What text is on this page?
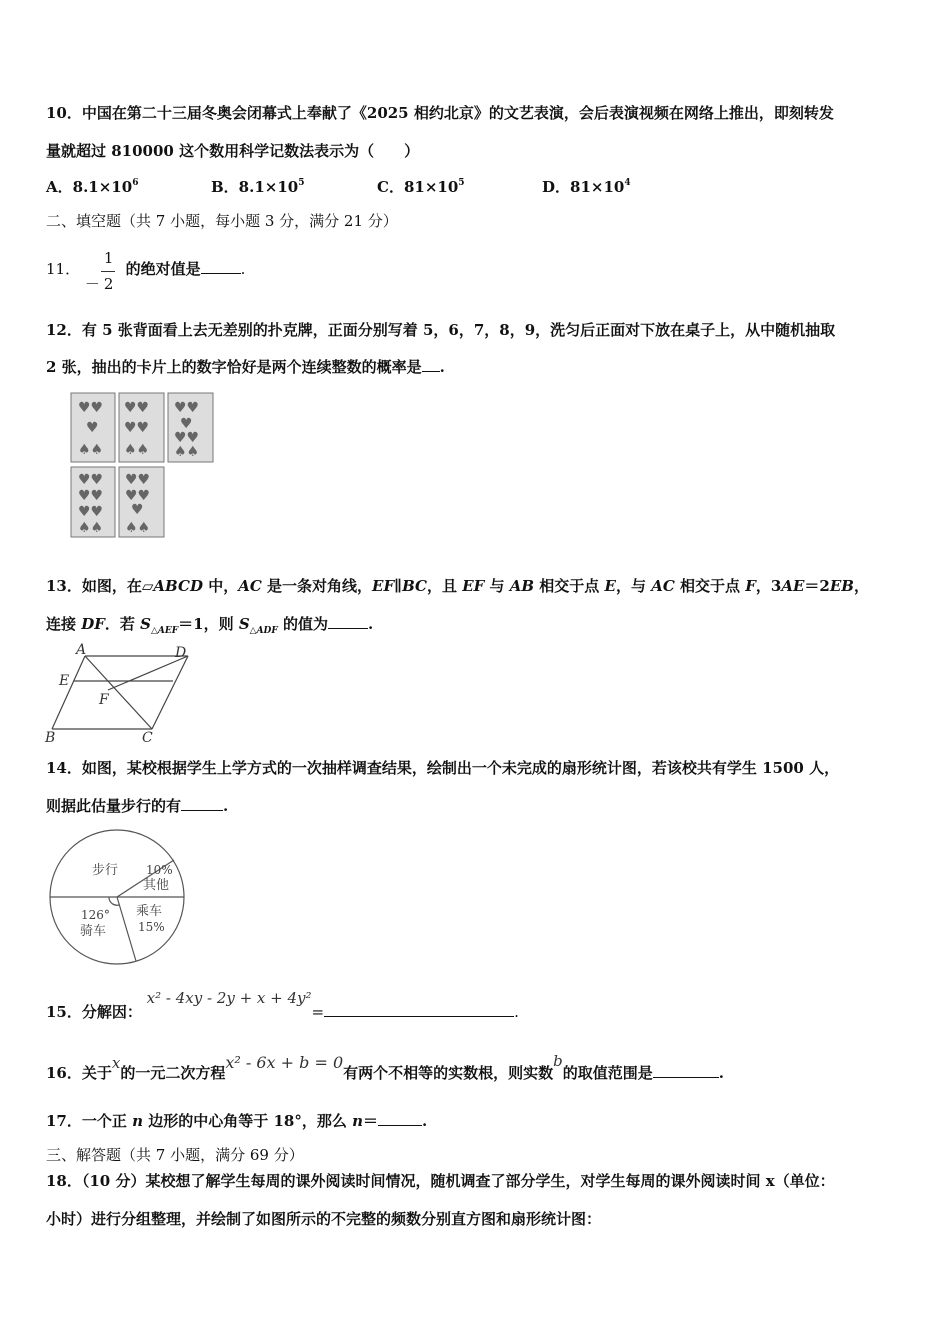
10．中国在第二十三届冬奥会闭幕式上奉献了《2025 相约北京》的文艺表演，会后表演视频在网络上推出，即刻转发
量就超过 810000 这个数用科学记数法表示为（　　）
A．$8.1\times 10^6$	B．$8.1\times 10^5$	C．$81\times 10^5$	D．$81\times 10^4$
二、填空题（共 7 小题，每小题 3 分，满分 21 分）
11．
－
1
2
的绝对值是	.
12．有 5 张背面看上去无差别的扑克牌，正面分别写着 5，6，7，8，9，洗匀后正面对下放在桌子上，从中随机抽取
2 张，抽出的卡片上的数字恰好是两个连续整数的概率是 .
♥♥
♥
♠♠
♥♥
♥♥
♠♠
♥♥
♥
♥♥
♠♠
♥♥
♥♥
♥♥
♠♠
♥♥
♥♥
♥
♠♠
13．如图，在▱ABCD 中，AC 是一条对角线，EF∥BC，且 EF 与 AB 相交于点 E，与 AC 相交于点 F，3AE＝2EB，
连接 DF．若 $S_{\triangle AEF}=1$，则 $S_{\triangle ADF}$ 的值为	.
A	D
E
F
B	C
14．如图，某校根据学生上学方式的一次抽样调查结果，绘制出一个未完成的扇形统计图，若该校共有学生 1500 人，
则据此估量步行的有	.
步行 10%
其他
126°
骑车
乘车
15%
15．分解因： x² - 4xy - 2y + x + 4y²=	.
16．关于x的一元二次方程x² - 6x + b = 0有两个不相等的实数根，则实数b的取值范围是	.
17．一个正 n 边形的中心角等于 18°，那么 n＝	.
三、解答题（共 7 小题，满分 69 分）
18．（10 分）某校想了解学生每周的课外阅读时间情况，随机调查了部分学生，对学生每周的课外阅读时间 x（单位：
小时）进行分组整理，并绘制了如图所示的不完整的频数分别直方图和扇形统计图：
